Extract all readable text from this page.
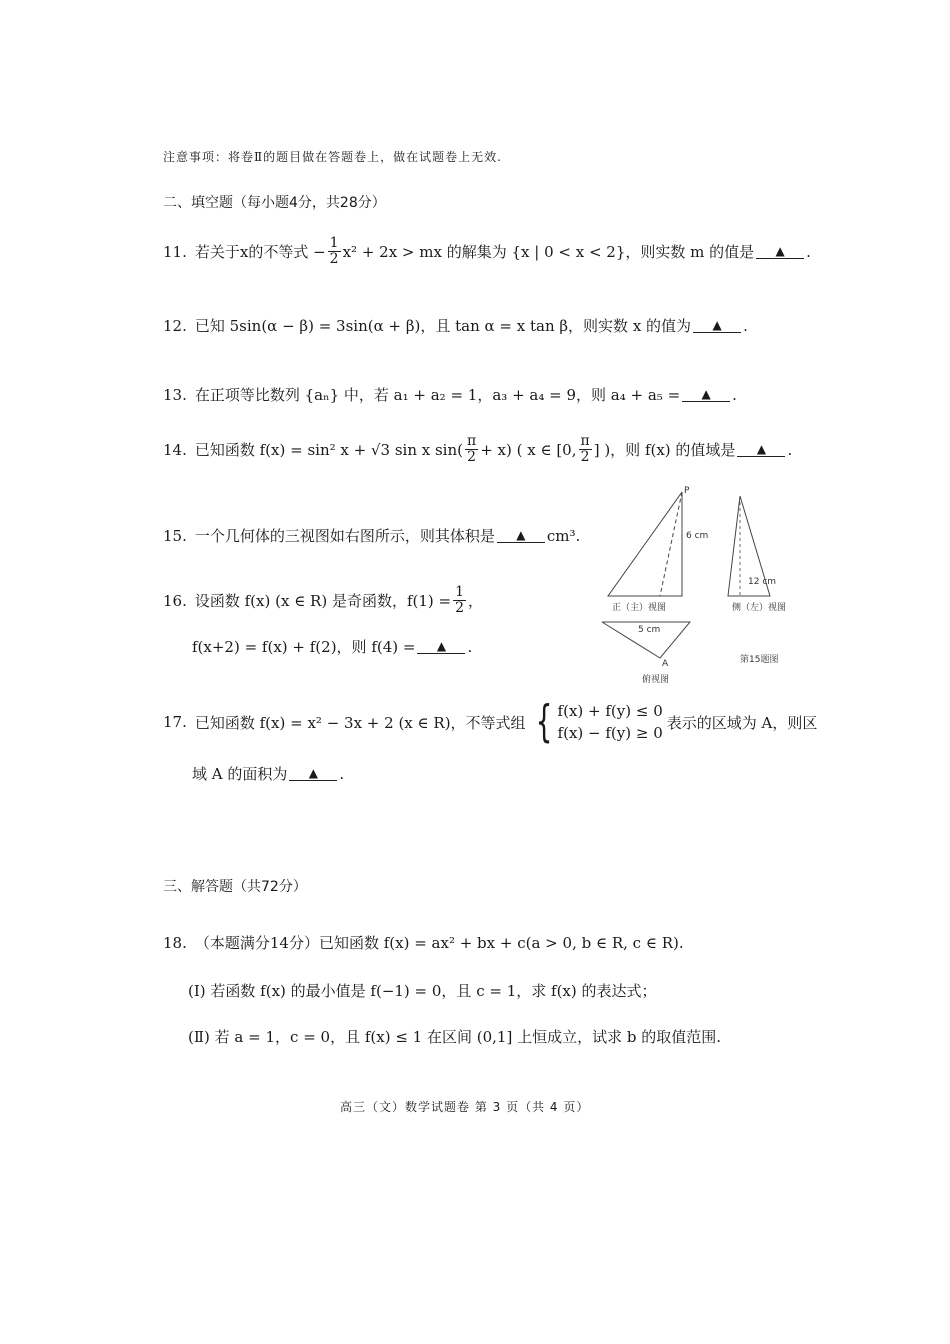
注意事项：将卷Ⅱ的题目做在答题卷上，做在试题卷上无效.
二、填空题（每小题4分，共28分）
11. 若关于x的不等式 − $\frac{1}{2} x^2 + 2x$ > mx 的解集为 {x | 0 < x < 2}，则实数 m 的值是	▲	.
12. 已知 5sin(α − β) = 3sin(α + β)，且 tan α = x tan β，则实数 x 的值为	▲	.
13. 在正项等比数列 {aₙ} 中，若 a₁ + a₂ = 1，a₃ + a₄ = 9，则 a₄ + a₅ =	▲	.
14. 已知函数 f(x) = sin² x + √3 sin x $\sin( \frac{\pi}{2} + x)$ ( x ∈ [0, $\frac{\pi}{2}$ ] )，则 f(x) 的值域是	▲	.
15. 一个几何体的三视图如右图所示，则其体积是	▲	cm³ .
16. 设函数 f(x) (x ∈ R) 是奇函数，$f(1) = \frac{1}{2}$ ，
f(x+2) = f(x) + f(2)，则 f(4) =	▲	.
17. 已知函数 f(x) = x² − 3x + 2 (x ∈ R)，不等式组 { f(x) + f(y) ≤ 0
f(x) − f(y) ≥ 0
表示的区域为 A，则区
域 A 的面积为	▲	.
P
6 cm
正（主）视图
12 cm
侧（左）视图
5 cm
A
俯视图
第15题图
三、解答题（共72分）
18. （本题满分14分）已知函数 f(x) = ax² + bx + c(a > 0, b ∈ R, c ∈ R).
(Ⅰ) 若函数 f(x) 的最小值是 f(−1) = 0，且 c = 1，求 f(x) 的表达式；
(Ⅱ) 若 a = 1，c = 0，且 f(x) ≤ 1 在区间 (0,1] 上恒成立，试求 b 的取值范围.
高三（文）数学试题卷 第 3 页（共 4 页）
